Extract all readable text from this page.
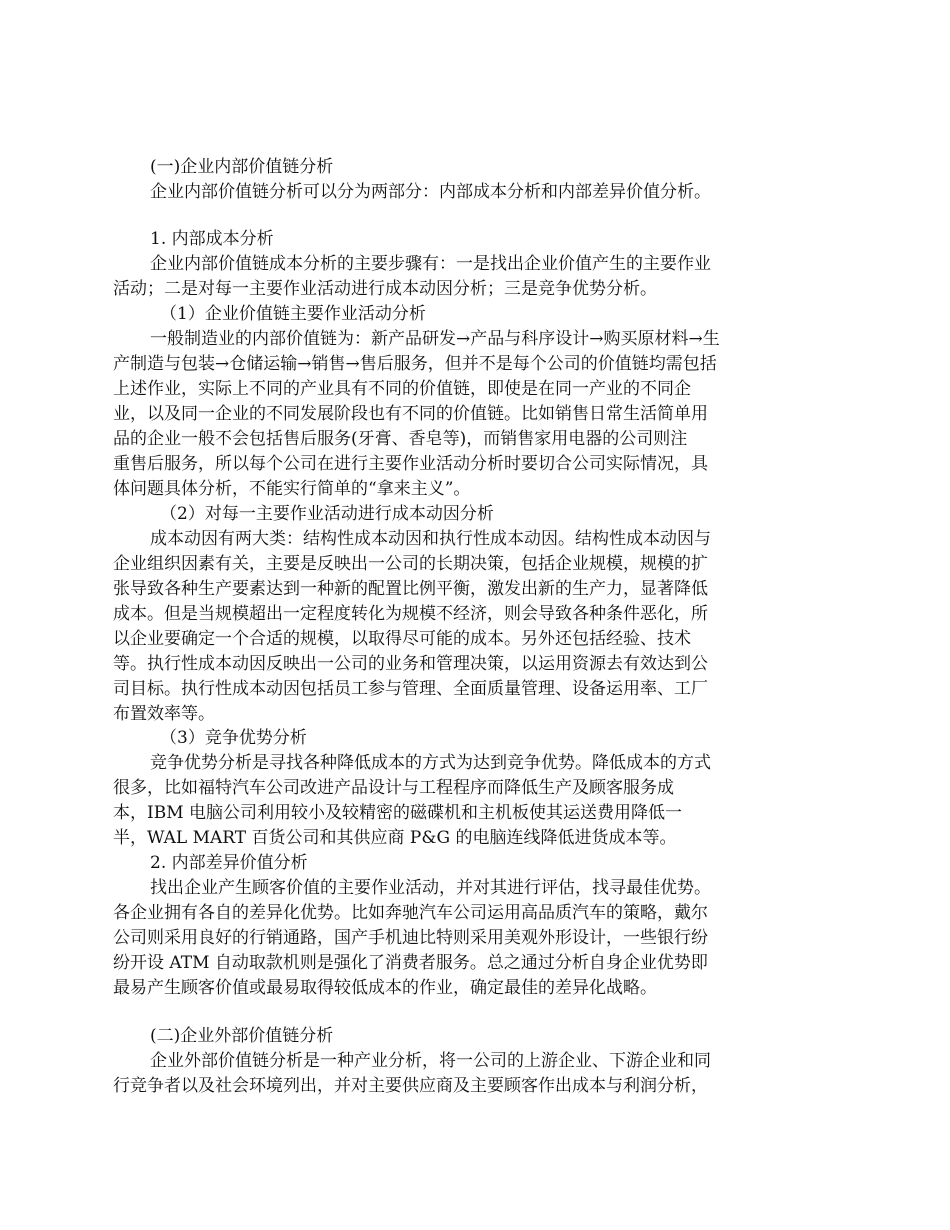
(一)企业内部价值链分析

企业内部价值链分析可以分为两部分：内部成本分析和内部差异价值分析。

1. 内部成本分析

企业内部价值链成本分析的主要步骤有：一是找出企业价值产生的主要作业

活动；二是对每一主要作业活动进行成本动因分析；三是竞争优势分析。

（1）企业价值链主要作业活动分析

一般制造业的内部价值链为：新产品研发→产品与科序设计→购买原材料→生

产制造与包装→仓储运输→销售→售后服务，但并不是每个公司的价值链均需包括

上述作业，实际上不同的产业具有不同的价值链，即使是在同一产业的不同企

业，以及同一企业的不同发展阶段也有不同的价值链。比如销售日常生活简单用

品的企业一般不会包括售后服务(牙膏、香皂等)，而销售家用电器的公司则注

重售后服务，所以每个公司在进行主要作业活动分析时要切合公司实际情况，具

体问题具体分析，不能实行简单的“拿来主义”。

（2）对每一主要作业活动进行成本动因分析

成本动因有两大类：结构性成本动因和执行性成本动因。结构性成本动因与

企业组织因素有关，主要是反映出一公司的长期决策，包括企业规模，规模的扩

张导致各种生产要素达到一种新的配置比例平衡，激发出新的生产力，显著降低

成本。但是当规模超出一定程度转化为规模不经济，则会导致各种条件恶化，所

以企业要确定一个合适的规模，以取得尽可能的成本。另外还包括经验、技术

等。执行性成本动因反映出一公司的业务和管理决策，以运用资源去有效达到公

司目标。执行性成本动因包括员工参与管理、全面质量管理、设备运用率、工厂

布置效率等。

（3）竞争优势分析

竞争优势分析是寻找各种降低成本的方式为达到竞争优势。降低成本的方式

很多，比如福特汽车公司改进产品设计与工程程序而降低生产及顾客服务成

本，IBM 电脑公司利用较小及较精密的磁碟机和主机板使其运送费用降低一

半，WAL MART 百货公司和其供应商 P&G 的电脑连线降低进货成本等。

2. 内部差异价值分析

找出企业产生顾客价值的主要作业活动，并对其进行评估，找寻最佳优势。

各企业拥有各自的差异化优势。比如奔驰汽车公司运用高品质汽车的策略，戴尔

公司则采用良好的行销通路，国产手机迪比特则采用美观外形设计，一些银行纷

纷开设 ATM 自动取款机则是强化了消费者服务。总之通过分析自身企业优势即

最易产生顾客价值或最易取得较低成本的作业，确定最佳的差异化战略。

(二)企业外部价值链分析

企业外部价值链分析是一种产业分析，将一公司的上游企业、下游企业和同

行竞争者以及社会环境列出，并对主要供应商及主要顾客作出成本与利润分析，
